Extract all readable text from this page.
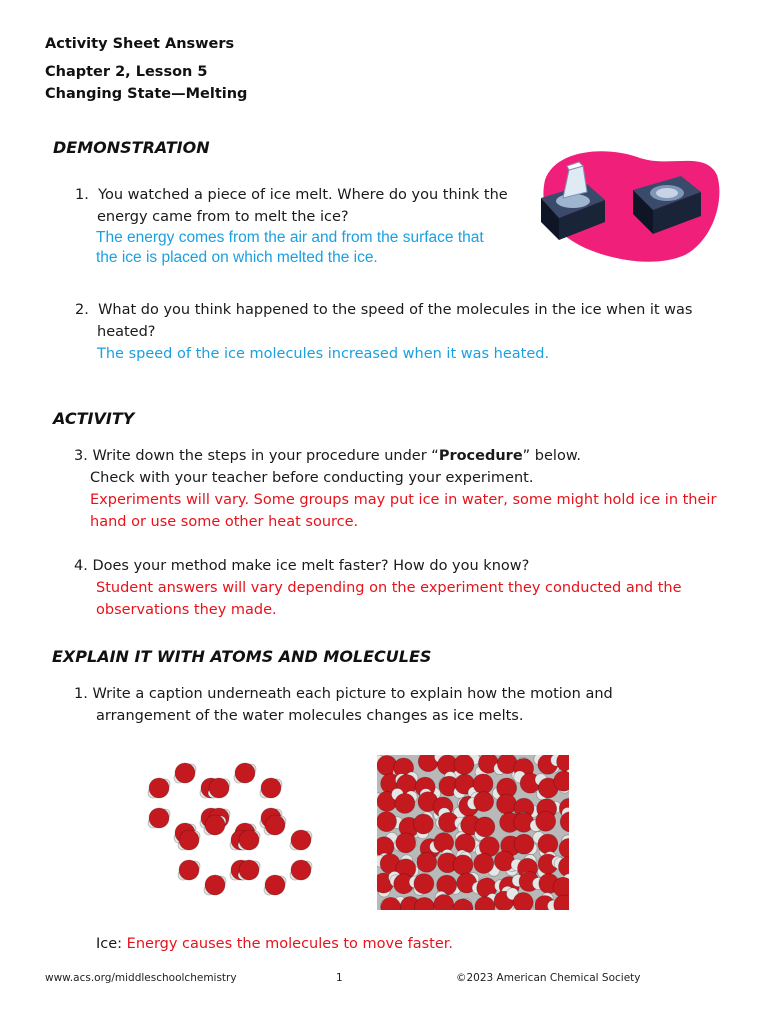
Activity Sheet Answers
Chapter 2, Lesson 5
Changing State—Melting
DEMONSTRATION
1. You watched a piece of ice melt. Where do you think the
energy came from to melt the ice?
The energy comes from the air and from the surface that
the ice is placed on which melted the ice.
2. What do you think happened to the speed of the molecules in the ice when it was
heated?
The speed of the ice molecules increased when it was heated.
ACTIVITY
3. Write down the steps in your procedure under “Procedure” below.
Check with your teacher before conducting your experiment.
Experiments will vary. Some groups may put ice in water, some might hold ice in their
hand or use some other heat source.
4. Does your method make ice melt faster? How do you know?
Student answers will vary depending on the experiment they conducted and the
observations they made.
EXPLAIN IT WITH ATOMS AND MOLECULES
1. Write a caption underneath each picture to explain how the motion and
arrangement of the water molecules changes as ice melts.
Ice: Energy causes the molecules to move faster.
www.acs.org/middleschoolchemistry	1	©2023 American Chemical Society
